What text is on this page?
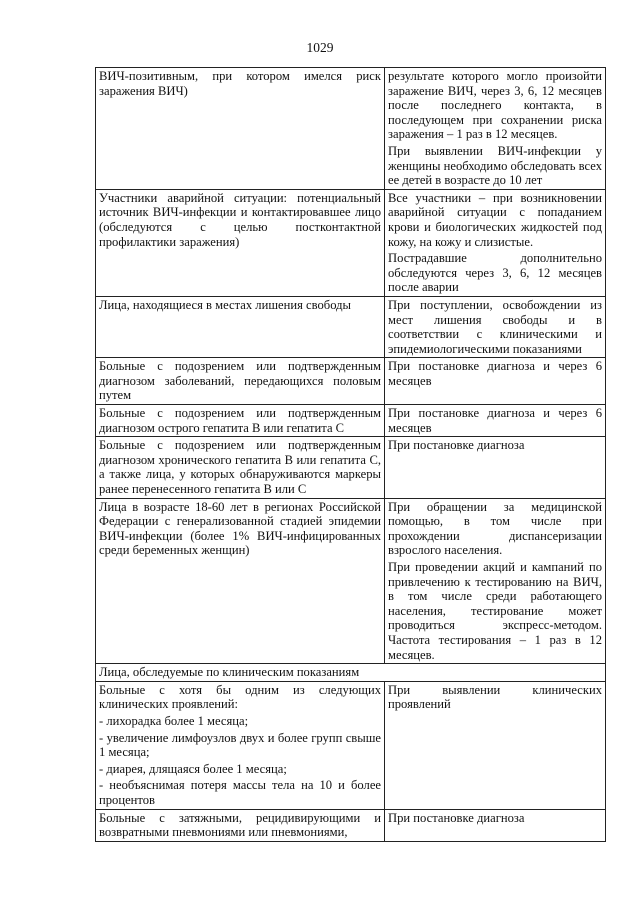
1029

ВИЧ-позитивным, при котором имелся риск заражения ВИЧ)	результате которого могло произойти заражение ВИЧ, через 3, 6, 12 месяцев после последнего контакта, в последующем при сохранении риска заражения – 1 раз в 12 месяцев.

При выявлении ВИЧ-инфекции у женщины необходимо обследовать всех ее детей в возрасте до 10 лет

Участники аварийной ситуации: потенциальный источник ВИЧ-инфекции и контактировавшее лицо (обследуются с целью постконтактной профилактики заражения)	Все участники – при возникновении аварийной ситуации с попаданием крови и биологических жидкостей под кожу, на кожу и слизистые.

Пострадавшие дополнительно обследуются через 3, 6, 12 месяцев после аварии

Лица, находящиеся в местах лишения свободы	При поступлении, освобождении из мест лишения свободы и в соответствии с клиническими и эпидемиологическими показаниями

Больные с подозрением или подтвержденным диагнозом заболеваний, передающихся половым путем	При постановке диагноза и через 6 месяцев

Больные с подозрением или подтвержденным диагнозом острого гепатита В или гепатита С	При постановке диагноза и через 6 месяцев

Больные с подозрением или подтвержденным диагнозом хронического гепатита В или гепатита С, а также лица, у которых обнаруживаются маркеры ранее перенесенного гепатита В или С	При постановке диагноза

Лица в возрасте 18-60 лет в регионах Российской Федерации с генерализованной стадией эпидемии ВИЧ-инфекции (более 1% ВИЧ-инфицированных среди беременных женщин)	При обращении за медицинской помощью, в том числе при прохождении диспансеризации взрослого населения.

При проведении акций и кампаний по привлечению к тестированию на ВИЧ, в том числе среди работающего населения, тестирование может проводиться экспресс-методом. Частота тестирования – 1 раз в 12 месяцев.

Лица, обследуемые по клиническим показаниям	

Больные с хотя бы одним из следующих клинических проявлений:

- лихорадка более 1 месяца;

- увеличение лимфоузлов двух и более групп свыше 1 месяца;

- диарея, длящаяся более 1 месяца;

- необъяснимая потеря массы тела на 10 и более процентов	При выявлении клинических проявлений

Больные с затяжными, рецидивирующими и возвратными пневмониями или пневмониями,	При постановке диагноза
